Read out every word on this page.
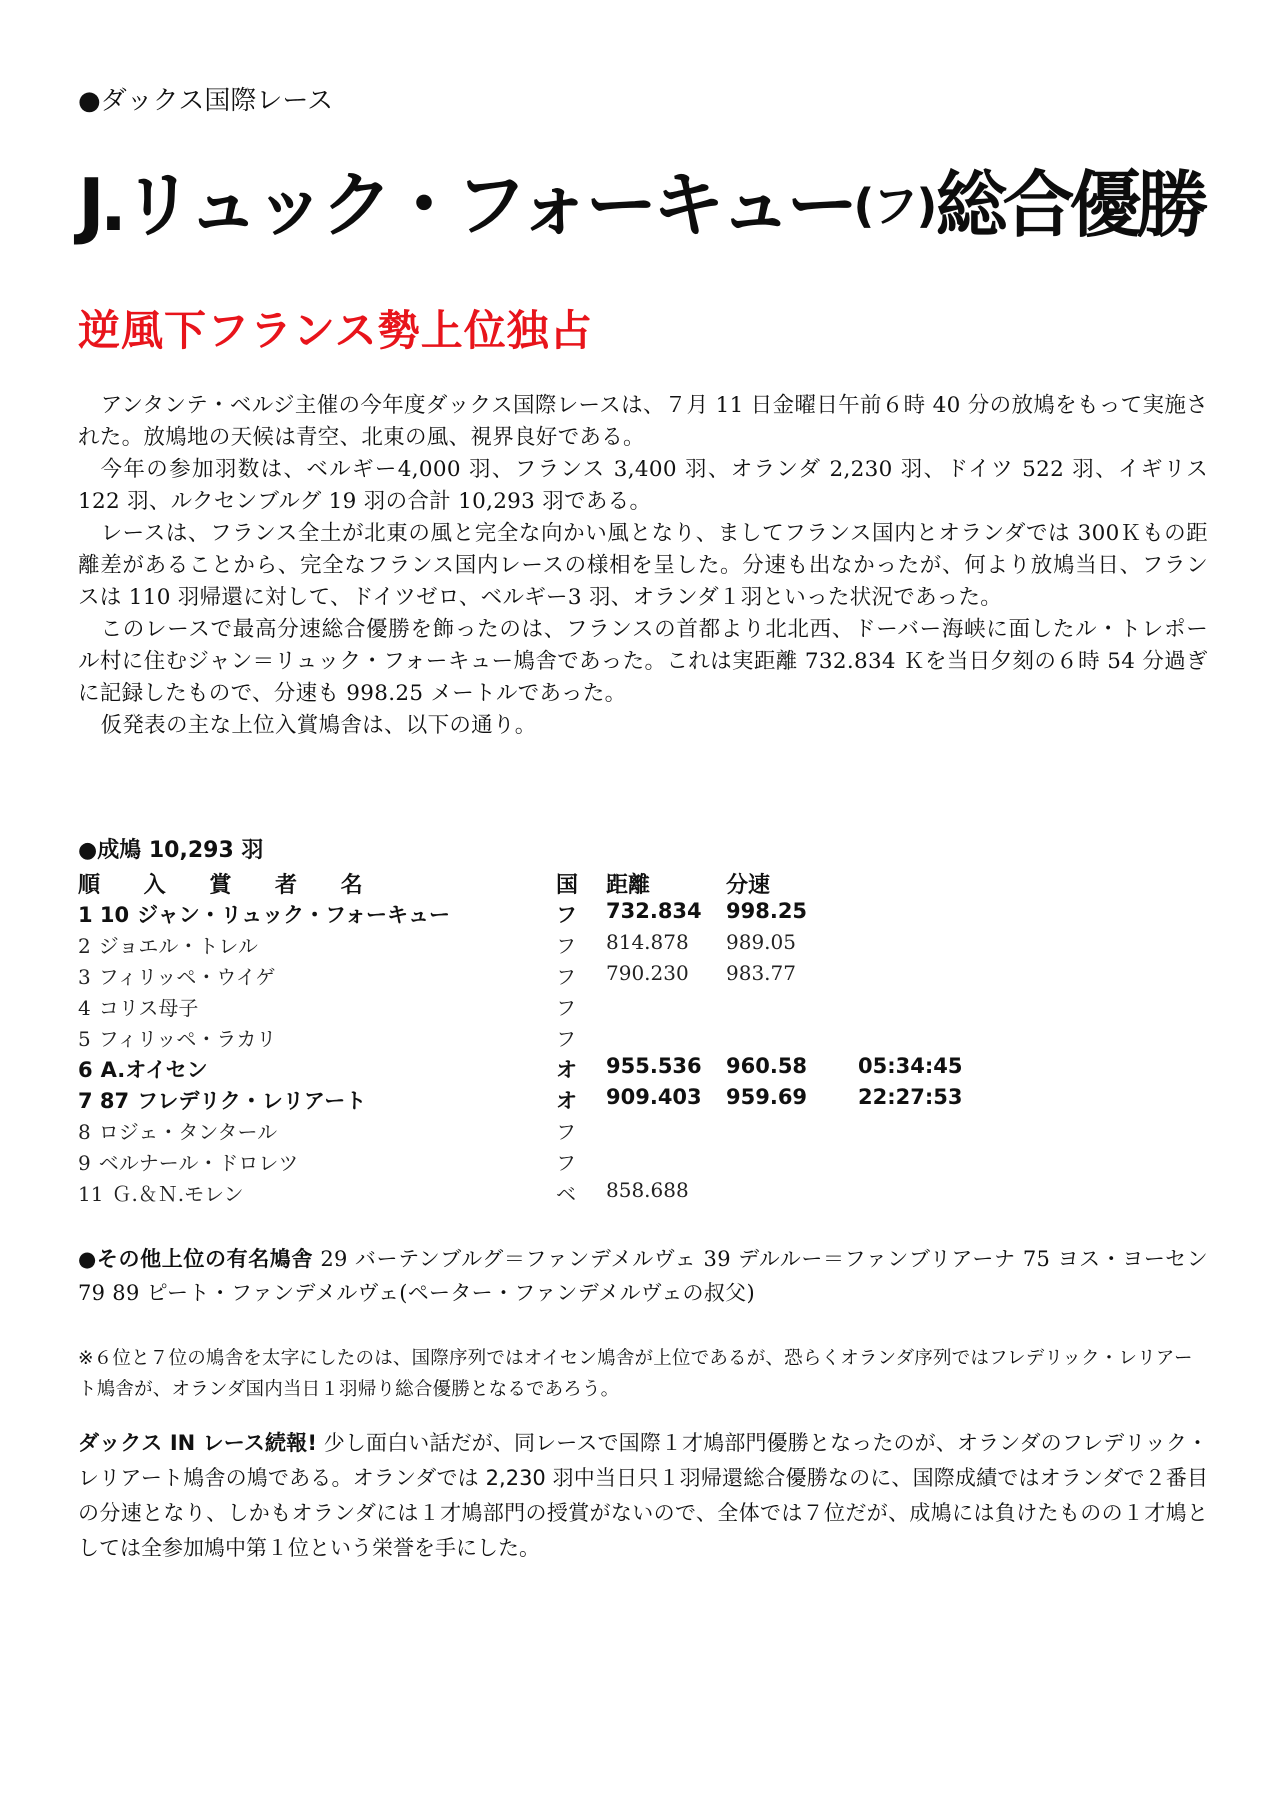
●ダックス国際レース
J.リュック・フォーキュー(フ)総合優勝
逆風下フランス勢上位独占

アンタンテ・ベルジ主催の今年度ダックス国際レースは、７月 11 日金曜日午前６時 40 分の放鳩をもって実施された。放鳩地の天候は青空、北東の風、視界良好である。

今年の参加羽数は、ベルギー4,000 羽、フランス 3,400 羽、オランダ 2,230 羽、ドイツ 522 羽、イギリス 122 羽、ルクセンブルグ 19 羽の合計 10,293 羽である。

レースは、フランス全土が北東の風と完全な向かい風となり、ましてフランス国内とオランダでは 300Ｋもの距離差があることから、完全なフランス国内レースの様相を呈した。分速も出なかったが、何より放鳩当日、フランスは 110 羽帰還に対して、ドイツゼロ、ベルギー3 羽、オランダ１羽といった状況であった。

このレースで最高分速総合優勝を飾ったのは、フランスの首都より北北西、ドーバー海峡に面したル・トレポール村に住むジャン＝リュック・フォーキュー鳩舎であった。これは実距離 732.834 Ｋを当日夕刻の６時 54 分過ぎに記録したもので、分速も 998.25 メートルであった。

仮発表の主な上位入賞鳩舎は、以下の通り。

●成鳩 10,293 羽
順 入 賞 者 名	国 距離	分速
1 10 ジャン・リュック・フォーキュー	フ 732.834 998.25
2 ジョエル・トレル	フ 814.878 989.05
3 フィリッペ・ウイゲ	フ 790.230 983.77
4 コリス母子	フ
5 フィリッペ・ラカリ	フ
6 A.オイセン	オ 955.536 960.58 05:34:45
7 87 フレデリク・レリアート	オ 909.403 959.69 22:27:53
8 ロジェ・タンタール	フ
9 ベルナール・ドロレツ	フ
11 Ｇ.＆Ｎ.モレン	ベ 858.688
●その他上位の有名鳩舎 29 バーテンブルグ＝ファンデメルヴェ 39 デルルー＝ファンブリアーナ 75 ヨス・ヨーセン 79 89 ピート・ファンデメルヴェ(ペーター・ファンデメルヴェの叔父)
※６位と７位の鳩舎を太字にしたのは、国際序列ではオイセン鳩舎が上位であるが、恐らくオランダ序列ではフレデリック・レリアート鳩舎が、オランダ国内当日１羽帰り総合優勝となるであろう。
ダックス IN レース続報! 少し面白い話だが、同レースで国際１才鳩部門優勝となったのが、オランダのフレデリック・レリアート鳩舎の鳩である。オランダでは 2,230 羽中当日只１羽帰還総合優勝なのに、国際成績ではオランダで２番目の分速となり、しかもオランダには１才鳩部門の授賞がないので、全体では７位だが、成鳩には負けたものの１才鳩としては全参加鳩中第１位という栄誉を手にした。
